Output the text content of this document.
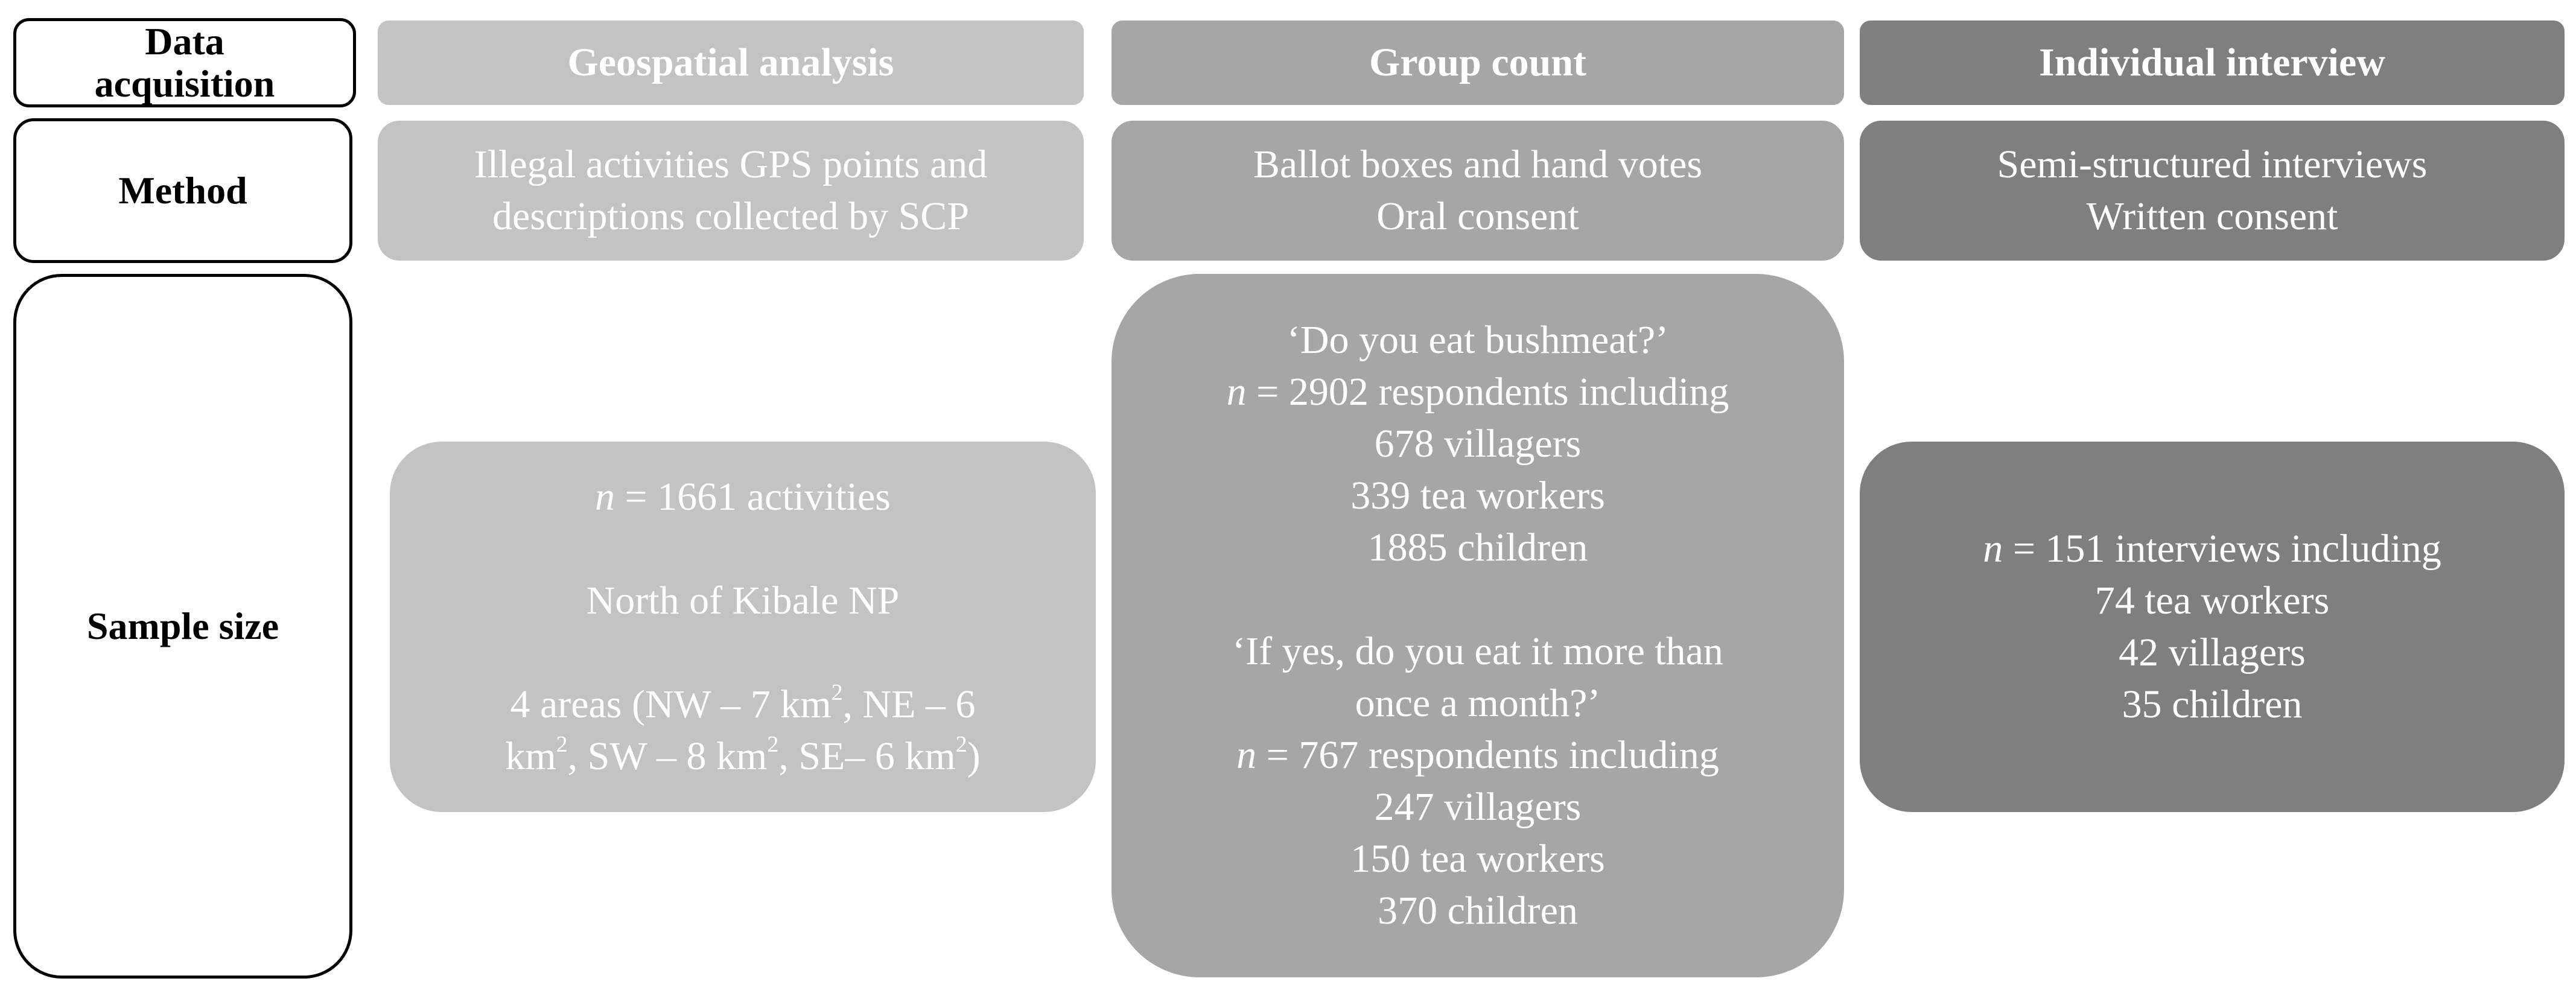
Data
acquisition
Method
Sample size
Geospatial analysis	Group count	Individual interview
Illegal activities GPS points and
descriptions collected by SCP
Ballot boxes and hand votes
Oral consent
Semi-structured interviews
Written consent
n = 1661 activities
North of Kibale NP
4 areas (NW – 7 $km^2$, NE – 6
$km^2$, SW – 8 $km^2$, SE– 6 $km^2$)
‘Do you eat bushmeat?’
n = 2902 respondents including
678 villagers
339 tea workers
1885 children
‘If yes, do you eat it more than
once a month?’
n = 767 respondents including
247 villagers
150 tea workers
370 children
n = 151 interviews including
74 tea workers
42 villagers
35 children
